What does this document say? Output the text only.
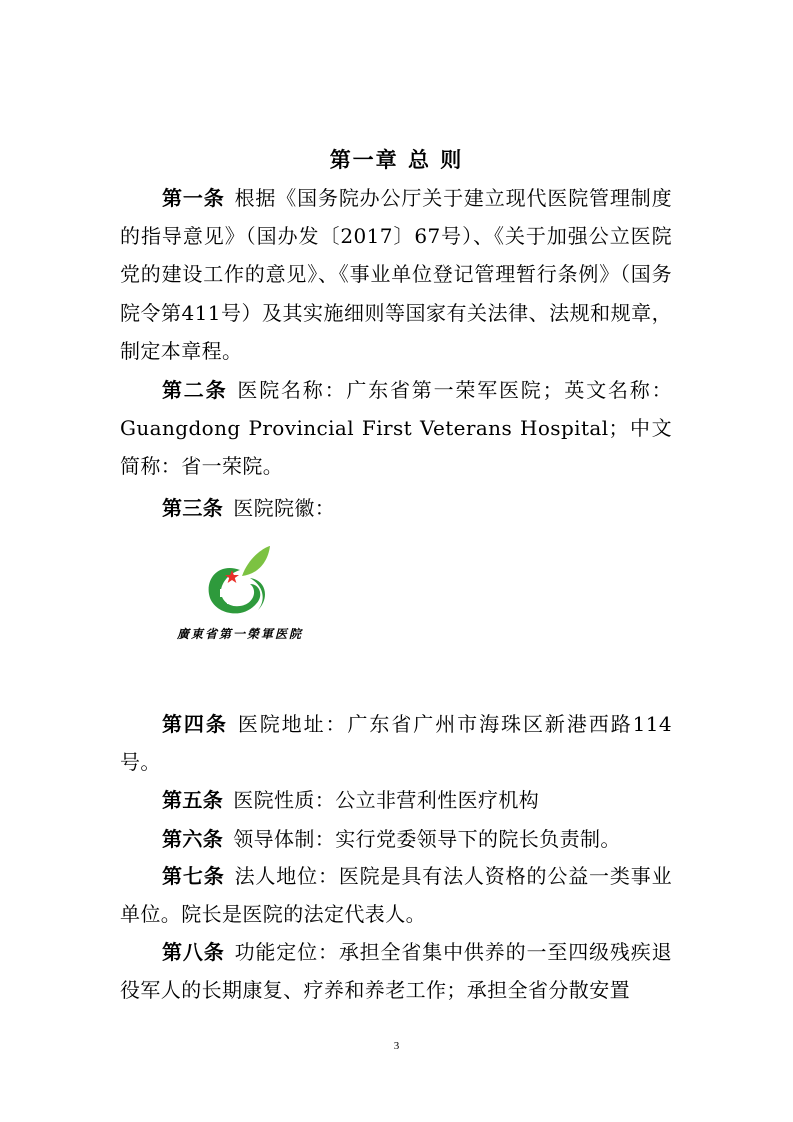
第一章 总 则

第一条 根据《国务院办公厅关于建立现代医院管理制度的指导意见》（国办发〔2017〕67号）、《关于加强公立医院党的建设工作的意见》、《事业单位登记管理暂行条例》（国务院令第411号）及其实施细则等国家有关法律、法规和规章，制定本章程。

第二条 医院名称：广东省第一荣军医院；英文名称：Guangdong Provincial First Veterans Hospital；中文简称：省一荣院。

第三条 医院院徽：

廣東省第一榮軍医院

第四条 医院地址：广东省广州市海珠区新港西路114号。

第五条 医院性质：公立非营利性医疗机构

第六条 领导体制：实行党委领导下的院长负责制。

第七条 法人地位：医院是具有法人资格的公益一类事业单位。院长是医院的法定代表人。

第八条 功能定位：承担全省集中供养的一至四级残疾退役军人的长期康复、疗养和养老工作；承担全省分散安置

3
